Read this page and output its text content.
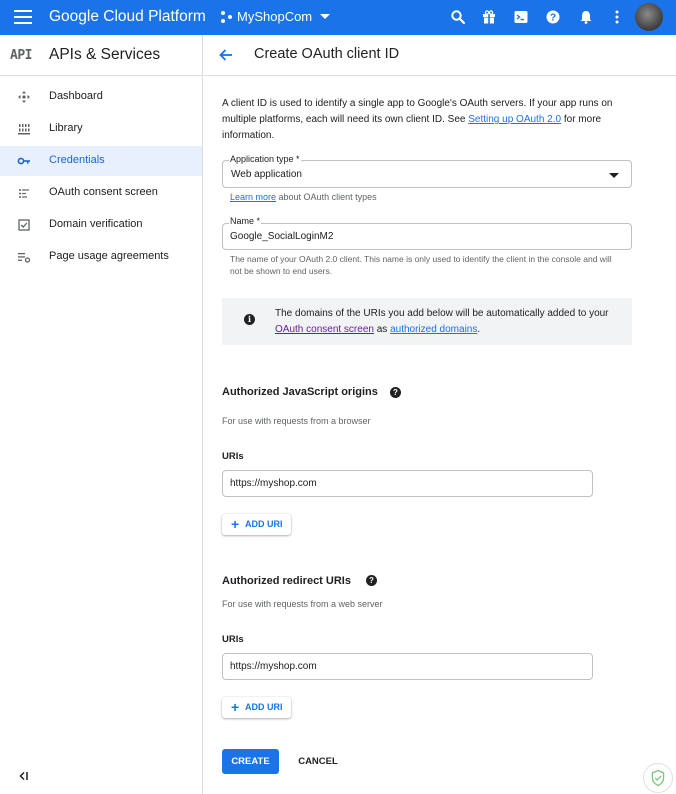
Google Cloud Platform MyShopCom	?
API APIs & Services
Dashboard
Library
Credentials
OAuth consent screen
Domain verification
Page usage agreements
Create OAuth client ID
A client ID is used to identify a single app to Google's OAuth servers. If your app runs on multiple platforms, each will need its own client ID. See Setting up OAuth 2.0 for more information.
Web application
Application type *
Learn more about OAuth client types
Google_SocialLoginM2
Name *
The name of your OAuth 2.0 client. This name is only used to identify the client in the console and will not be shown to end users.
i	The domains of the URIs you add below will be automatically added to your OAuth consent screen as authorized domains.
Authorized JavaScript origins	?
For use with requests from a browser
URIs
https://myshop.com
+ ADD URI
Authorized redirect URIs	?
For use with requests from a web server
URIs
https://myshop.com
+ ADD URI
CREATE	CANCEL
